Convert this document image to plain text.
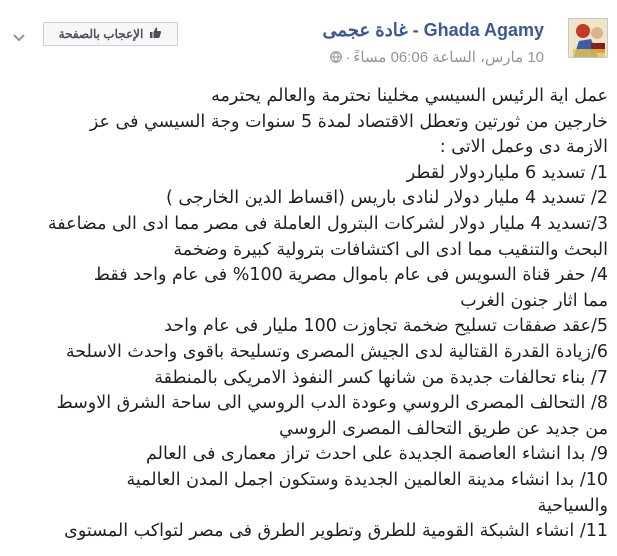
Ghada Agamy - غادة عجمى
10 مارس، الساعة 06:06 مساءً·
الإعجاب بالصفحة

عمل اية الرئيس السيسي مخلينا نحترمة والعالم يحترمه

خارجين من ثورتين وتعطل الاقتصاد لمدة 5 سنوات وجة السيسي فى عز

الازمة دى وعمل الاتى :

1/ تسديد 6 ملياردولار لقطر

2/ تسديد 4 مليار دولار لنادى باريس (اقساط الدين الخارجى )

3/تسديد 4 مليار دولار لشركات البترول العاملة فى مصر مما ادى الى مضاعفة

البحث والتنقيب مما ادى الى اكتشافات بترولية كبيرة وضخمة

4/ حفر قناة السويس فى عام باموال مصرية 100% فى عام واحد فقط

مما اثار جنون الغرب

5/عقد صفقات تسليح ضخمة تجاوزت 100 مليار فى عام واحد

6/زيادة القدرة القتالية لدى الجيش المصرى وتسليحة باقوى واحدث الاسلحة

7/ بناء تحالفات جديدة من شانها كسر النفوذ الامريكى بالمنطقة

8/ التحالف المصرى الروسي وعودة الدب الروسي الى ساحة الشرق الاوسط

من جديد عن طريق التحالف المصرى الروسي

9/ بدا انشاء العاصمة الجديدة على احدث تراز معمارى فى العالم

10/ بدا انشاء مدينة العالمين الجديدة وستكون اجمل المدن العالمية

والسياحية

11/ انشاء الشبكة القومية للطرق وتطوير الطرق فى مصر لتواكب المستوى
